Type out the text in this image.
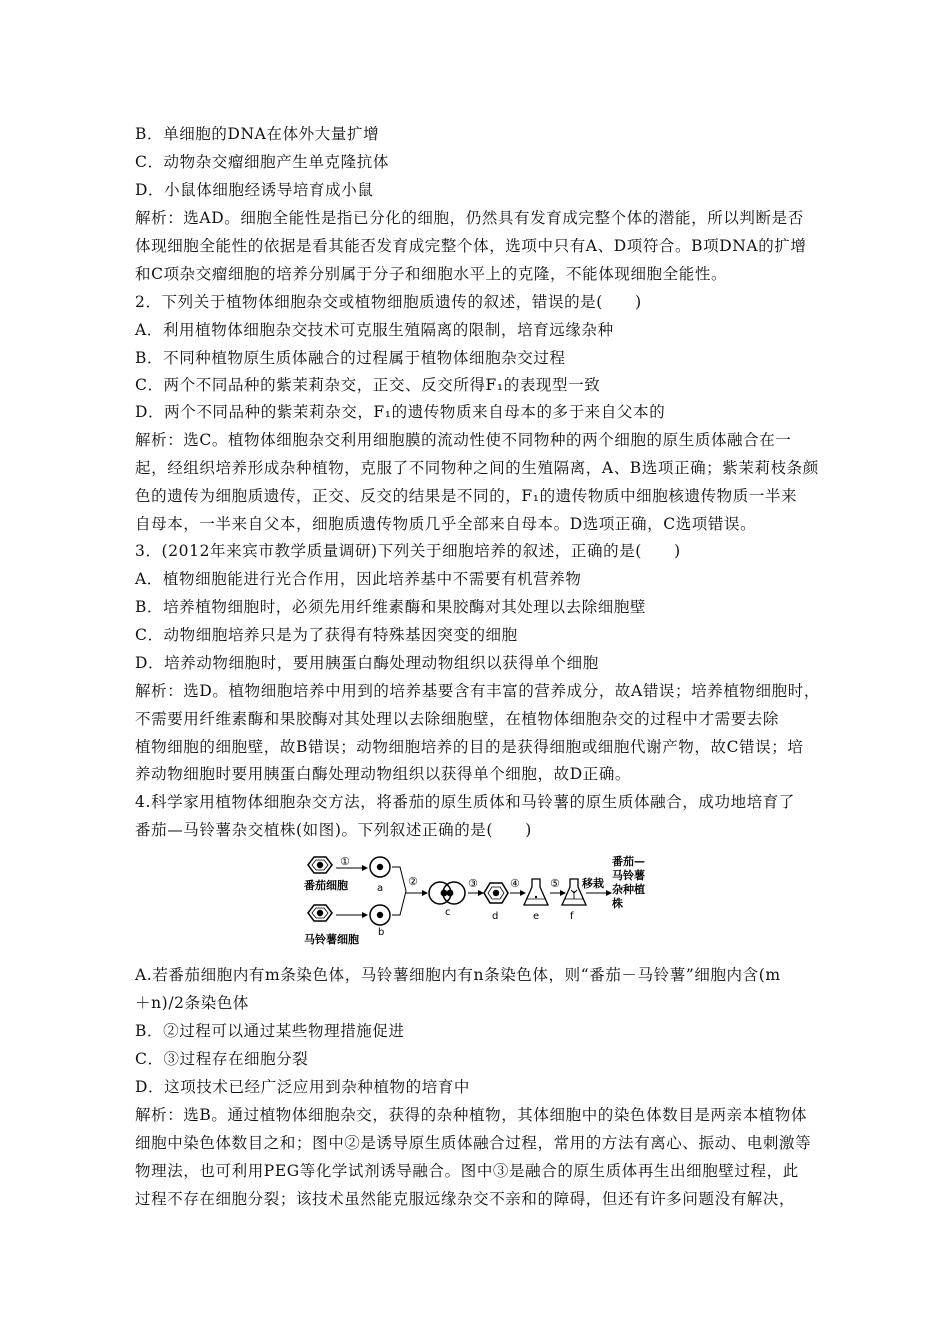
B．单细胞的DNA在体外大量扩增
C．动物杂交瘤细胞产生单克隆抗体
D．小鼠体细胞经诱导培育成小鼠
解析：选AD。细胞全能性是指已分化的细胞，仍然具有发育成完整个体的潜能，所以判断是否
体现细胞全能性的依据是看其能否发育成完整个体，选项中只有A、D项符合。B项DNA的扩增
和C项杂交瘤细胞的培养分别属于分子和细胞水平上的克隆，不能体现细胞全能性。
2．下列关于植物体细胞杂交或植物细胞质遗传的叙述，错误的是(　　)
A．利用植物体细胞杂交技术可克服生殖隔离的限制，培育远缘杂种
B．不同种植物原生质体融合的过程属于植物体细胞杂交过程
C．两个不同品种的紫茉莉杂交，正交、反交所得F₁的表现型一致
D．两个不同品种的紫茉莉杂交，F₁的遗传物质来自母本的多于来自父本的
解析：选C。植物体细胞杂交利用细胞膜的流动性使不同物种的两个细胞的原生质体融合在一
起，经组织培养形成杂种植物，克服了不同物种之间的生殖隔离，A、B选项正确；紫茉莉枝条颜
色的遗传为细胞质遗传，正交、反交的结果是不同的，F₁的遗传物质中细胞核遗传物质一半来
自母本，一半来自父本，细胞质遗传物质几乎全部来自母本。D选项正确，C选项错误。
3．(2012年来宾市教学质量调研)下列关于细胞培养的叙述，正确的是(　　)
A．植物细胞能进行光合作用，因此培养基中不需要有机营养物
B．培养植物细胞时，必须先用纤维素酶和果胶酶对其处理以去除细胞壁
C．动物细胞培养只是为了获得有特殊基因突变的细胞
D．培养动物细胞时，要用胰蛋白酶处理动物组织以获得单个细胞
解析：选D。植物细胞培养中用到的培养基要含有丰富的营养成分，故A错误；培养植物细胞时，
不需要用纤维素酶和果胶酶对其处理以去除细胞壁，在植物体细胞杂交的过程中才需要去除
植物细胞的细胞壁，故B错误；动物细胞培养的目的是获得细胞或细胞代谢产物，故C错误；培
养动物细胞时要用胰蛋白酶处理动物组织以获得单个细胞，故D正确。
4.科学家用植物体细胞杂交方法，将番茄的原生质体和马铃薯的原生质体融合，成功地培育了
番茄—马铃薯杂交植株(如图)。下列叙述正确的是(　　)
番茄细胞
①
a
马铃薯细胞
b
②
c
③
d
④
e
⑤
f
移栽
番茄—
马铃薯
杂种植
株
A.若番茄细胞内有m条染色体，马铃薯细胞内有n条染色体，则“番茄－马铃薯”细胞内含(m
＋n)/2条染色体
B．②过程可以通过某些物理措施促进
C．③过程存在细胞分裂
D．这项技术已经广泛应用到杂种植物的培育中
解析：选B。通过植物体细胞杂交，获得的杂种植物，其体细胞中的染色体数目是两亲本植物体
细胞中染色体数目之和；图中②是诱导原生质体融合过程，常用的方法有离心、振动、电刺激等
物理法，也可利用PEG等化学试剂诱导融合。图中③是融合的原生质体再生出细胞壁过程，此
过程不存在细胞分裂；该技术虽然能克服远缘杂交不亲和的障碍，但还有许多问题没有解决，
